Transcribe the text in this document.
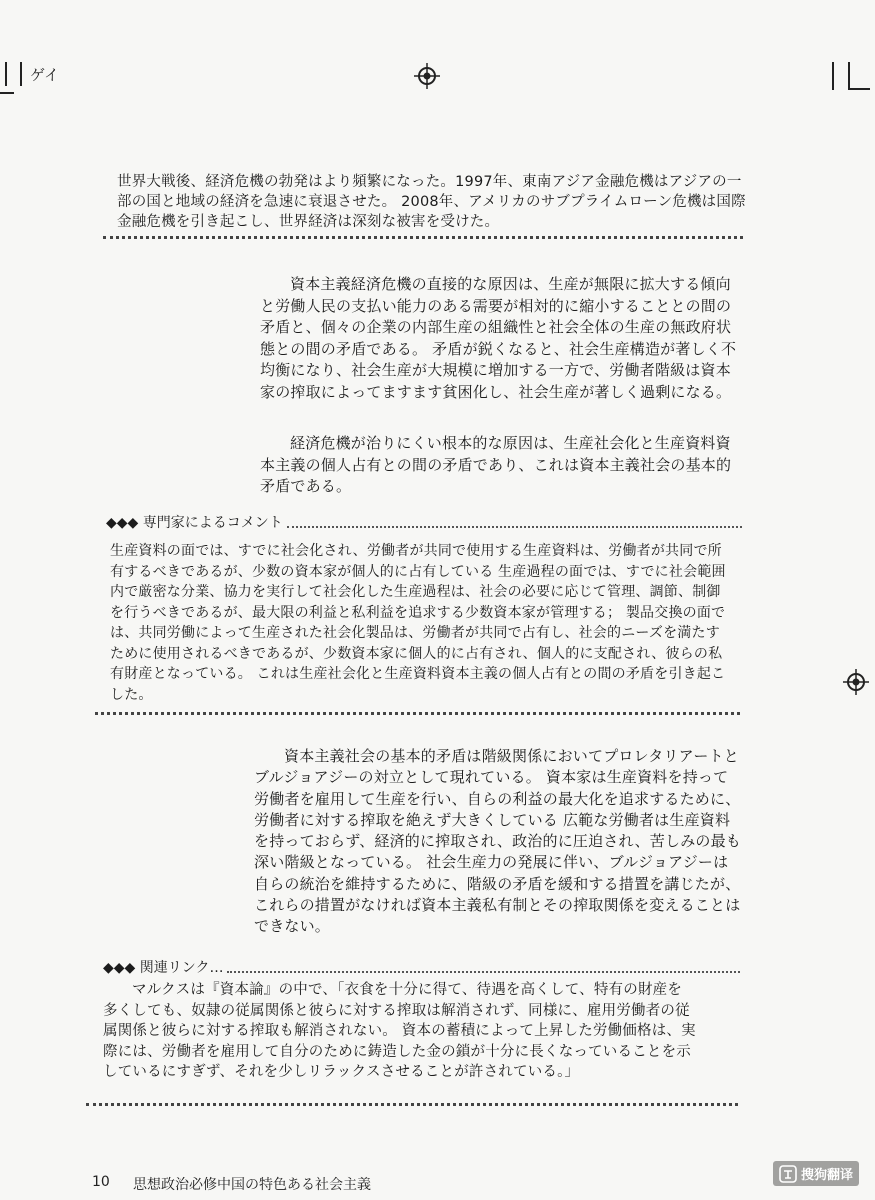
ゲイ

世界大戦後、経済危機の勃発はより頻繁になった。1997年、東南アジア金融危機はアジアの一

部の国と地域の経済を急速に衰退させた。 2008年、アメリカのサブプライムローン危機は国際

金融危機を引き起こし、世界経済は深刻な被害を受けた。

資本主義経済危機の直接的な原因は、生産が無限に拡大する傾向

と労働人民の支払い能力のある需要が相対的に縮小することとの間の

矛盾と、個々の企業の内部生産の組織性と社会全体の生産の無政府状

態との間の矛盾である。 矛盾が鋭くなると、社会生産構造が著しく不

均衡になり、社会生産が大規模に増加する一方で、労働者階級は資本

家の搾取によってますます貧困化し、社会生産が著しく過剰になる。

経済危機が治りにくい根本的な原因は、生産社会化と生産資料資

本主義の個人占有との間の矛盾であり、これは資本主義社会の基本的

矛盾である。

◆◆◆ 専門家によるコメント

生産資料の面では、すでに社会化され、労働者が共同で使用する生産資料は、労働者が共同で所

有するべきであるが、少数の資本家が個人的に占有している 生産過程の面では、すでに社会範囲

内で厳密な分業、協力を実行して社会化した生産過程は、社会の必要に応じて管理、調節、制御

を行うべきであるが、最大限の利益と私利益を追求する少数資本家が管理する； 製品交換の面で

は、共同労働によって生産された社会化製品は、労働者が共同で占有し、社会的ニーズを満たす

ために使用されるべきであるが、少数資本家に個人的に占有され、個人的に支配され、彼らの私

有財産となっている。 これは生産社会化と生産資料資本主義の個人占有との間の矛盾を引き起こ

した。

資本主義社会の基本的矛盾は階級関係においてプロレタリアートと

ブルジョアジーの対立として現れている。 資本家は生産資料を持って

労働者を雇用して生産を行い、自らの利益の最大化を追求するために、

労働者に対する搾取を絶えず大きくしている 広範な労働者は生産資料

を持っておらず、経済的に搾取され、政治的に圧迫され、苦しみの最も

深い階級となっている。 社会生産力の発展に伴い、ブルジョアジーは

自らの統治を維持するために、階級の矛盾を緩和する措置を講じたが、

これらの措置がなければ資本主義私有制とその搾取関係を変えることは

できない。

◆◆◆ 関連リンク…

マルクスは『資本論』の中で、「衣食を十分に得て、待遇を高くして、特有の財産を

多くしても、奴隷の従属関係と彼らに対する搾取は解消されず、同様に、雇用労働者の従

属関係と彼らに対する搾取も解消されない。 資本の蓄積によって上昇した労働価格は、実

際には、労働者を雇用して自分のために鋳造した金の鎖が十分に長くなっていることを示

しているにすぎず、それを少しリラックスさせることが許されている。」

10 思想政治必修中国の特色ある社会主義
搜狗翻译
